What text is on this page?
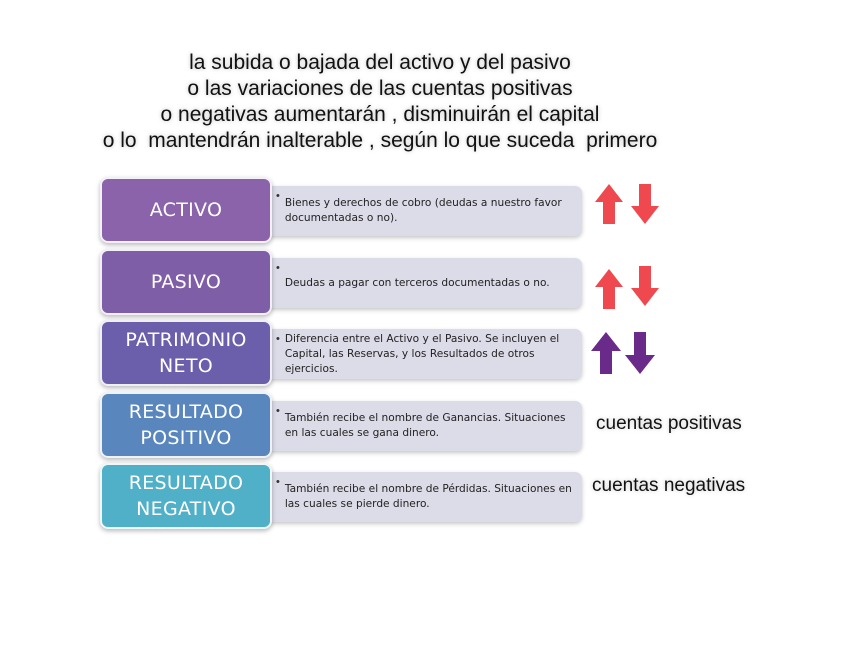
la subida o bajada del activo y del pasivo
o las variaciones de las cuentas positivas
o negativas aumentarán , disminuirán el capital
o lo  mantendrán inalterable , según lo que suceda  primero
•
Bienes y derechos de cobro (deudas a nuestro favor documentadas o no).
ACTIVO
•
Deudas a pagar con terceros documentadas o no.
PASIVO
• Diferencia entre el Activo y el Pasivo. Se incluyen el Capital, las Reservas, y los Resultados de otros ejercicios.
PATRIMONIO
NETO
•
También recibe el nombre de Ganancias. Situaciones en las cuales se gana dinero.
RESULTADO
POSITIVO
cuentas positivas
•
También recibe el nombre de Pérdidas. Situaciones en las cuales se pierde dinero.
RESULTADO
NEGATIVO
cuentas negativas
